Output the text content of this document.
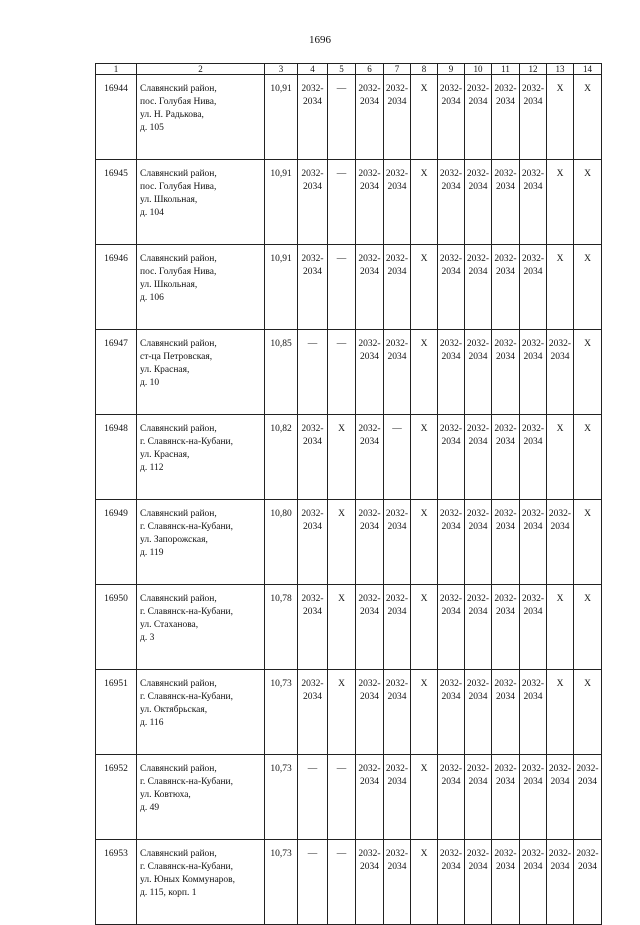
1696
1	2	3	4	5	6	7	8	9	10	11	12	13	14
16944	Славянский район,
пос. Голубая Нива,
ул. Н. Радькова,
д. 105	10,91	2032-
2034	—	2032-
2034	2032-
2034	Х	2032-
2034	2032-
2034	2032-
2034	2032-
2034	Х	Х
16945	Славянский район,
пос. Голубая Нива,
ул. Школьная,
д. 104	10,91	2032-
2034	—	2032-
2034	2032-
2034	Х	2032-
2034	2032-
2034	2032-
2034	2032-
2034	Х	Х
16946	Славянский район,
пос. Голубая Нива,
ул. Школьная,
д. 106	10,91	2032-
2034	—	2032-
2034	2032-
2034	Х	2032-
2034	2032-
2034	2032-
2034	2032-
2034	Х	Х
16947	Славянский район,
ст-ца Петровская,
ул. Красная,
д. 10	10,85	—	—	2032-
2034	2032-
2034	Х	2032-
2034	2032-
2034	2032-
2034	2032-
2034	2032-
2034	Х
16948	Славянский район,
г. Славянск-на-Кубани,
ул. Красная,
д. 112	10,82	2032-
2034	Х	2032-
2034	—	Х	2032-
2034	2032-
2034	2032-
2034	2032-
2034	Х	Х
16949	Славянский район,
г. Славянск-на-Кубани,
ул. Запорожская,
д. 119	10,80	2032-
2034	Х	2032-
2034	2032-
2034	Х	2032-
2034	2032-
2034	2032-
2034	2032-
2034	2032-
2034	Х
16950	Славянский район,
г. Славянск-на-Кубани,
ул. Стаханова,
д. 3	10,78	2032-
2034	Х	2032-
2034	2032-
2034	Х	2032-
2034	2032-
2034	2032-
2034	2032-
2034	Х	Х
16951	Славянский район,
г. Славянск-на-Кубани,
ул. Октябрьская,
д. 116	10,73	2032-
2034	Х	2032-
2034	2032-
2034	Х	2032-
2034	2032-
2034	2032-
2034	2032-
2034	Х	Х
16952	Славянский район,
г. Славянск-на-Кубани,
ул. Ковтюха,
д. 49	10,73	—	—	2032-
2034	2032-
2034	Х	2032-
2034	2032-
2034	2032-
2034	2032-
2034	2032-
2034	2032-
2034
16953	Славянский район,
г. Славянск-на-Кубани,
ул. Юных Коммунаров,
д. 115, корп. 1	10,73	—	—	2032-
2034	2032-
2034	Х	2032-
2034	2032-
2034	2032-
2034	2032-
2034	2032-
2034	2032-
2034
